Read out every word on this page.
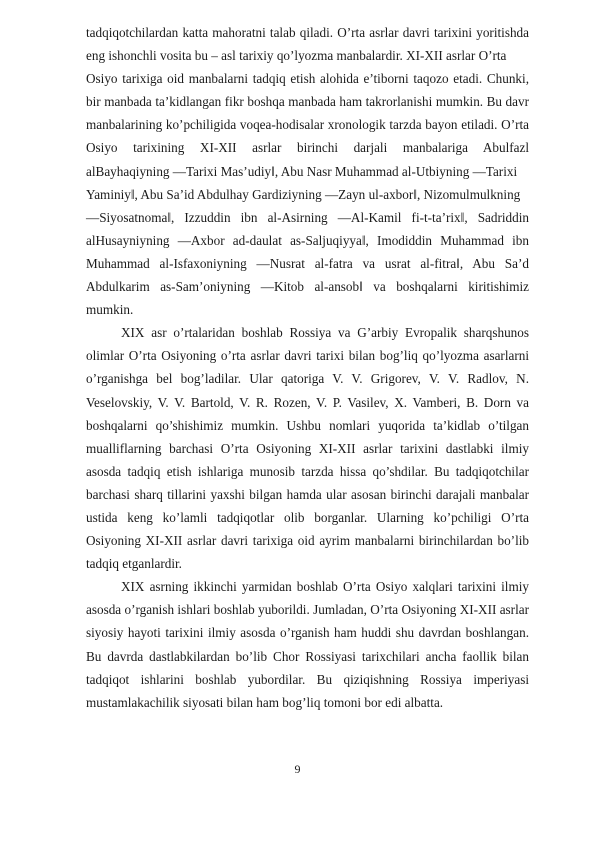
tadqiqotchilardan katta mahoratni talab qiladi. O’rta asrlar davri tarixini yoritishda
eng ishonchli vosita bu – asl tarixiy qo’lyozma manbalardir. XI-XII asrlar O’rta
Osiyo tarixiga oid manbalarni tadqiq etish alohida e’tiborni taqozo etadi. Chunki,
bir manbada ta’kidlangan fikr boshqa manbada ham takrorlanishi mumkin. Bu davr
manbalarining ko’pchiligida voqea-hodisalar xronologik tarzda bayon etiladi. O’rta
Osiyo tarixining XI-XII asrlar birinchi darjali manbalariga Abulfazl
alBayhaqiyning ―Tarixi Mas’udiy‖, Abu Nasr Muhammad al-Utbiyning ―Tarixi
Yaminiy‖, Abu Sa’id Abdulhay Gardiziyning ―Zayn ul-axbor‖, Nizomulmulkning
―Siyosatnoma‖, Izzuddin ibn al-Asirning ―Al-Kamil fi-t-ta’rix‖, Sadriddin
alHusayniyning ―Axbor ad-daulat as-Saljuqiyya‖, Imodiddin Muhammad ibn
Muhammad al-Isfaxoniyning ―Nusrat al-fatra va usrat al-fitra‖, Abu Sa’d
Abdulkarim as-Sam’oniyning ―Kitob al-ansob‖ va boshqalarni kiritishimiz
mumkin.
XIX asr o’rtalaridan boshlab Rossiya va G’arbiy Evropalik sharqshunos
olimlar O’rta Osiyoning o’rta asrlar davri tarixi bilan bog’liq qo’lyozma asarlarni
o’rganishga bel bog’ladilar. Ular qatoriga V. V. Grigorev, V. V. Radlov, N.
Veselovskiy, V. V. Bartold, V. R. Rozen, V. P. Vasilev, X. Vamberi, B. Dorn va
boshqalarni qo’shishimiz mumkin. Ushbu nomlari yuqorida ta’kidlab o’tilgan
mualliflarning barchasi O’rta Osiyoning XI-XII asrlar tarixini dastlabki ilmiy
asosda tadqiq etish ishlariga munosib tarzda hissa qo’shdilar. Bu tadqiqotchilar
barchasi sharq tillarini yaxshi bilgan hamda ular asosan birinchi darajali manbalar
ustida keng ko’lamli tadqiqotlar olib borganlar. Ularning ko’pchiligi O’rta
Osiyoning XI-XII asrlar davri tarixiga oid ayrim manbalarni birinchilardan bo’lib
tadqiq etganlardir.
XIX asrning ikkinchi yarmidan boshlab O’rta Osiyo xalqlari tarixini ilmiy
asosda o’rganish ishlari boshlab yuborildi. Jumladan, O’rta Osiyoning XI-XII asrlar
siyosiy hayoti tarixini ilmiy asosda o’rganish ham huddi shu davrdan boshlangan.
Bu davrda dastlabkilardan bo’lib Chor Rossiyasi tarixchilari ancha faollik bilan
tadqiqot ishlarini boshlab yubordilar. Bu qiziqishning Rossiya imperiyasi
mustamlakachilik siyosati bilan ham bog’liq tomoni bor edi albatta.
9
